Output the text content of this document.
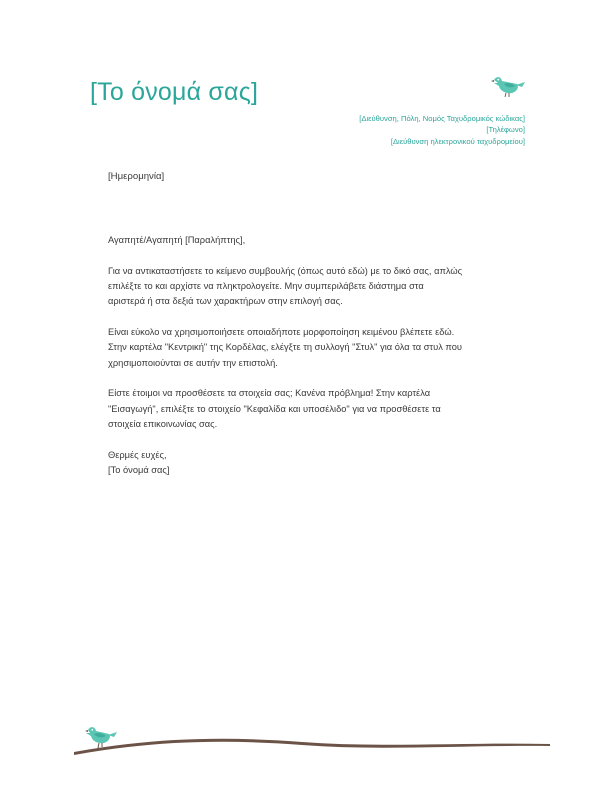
[Το όνομά σας]
[Διεύθυνση, Πόλη, Νομός Ταχυδρομικός κώδικας]
[Τηλέφωνο]
[Διεύθυνση ηλεκτρονικού ταχυδρομείου]
[Ημερομηνία]

Αγαπητέ/Αγαπητή [Παραλήπτης],

Για να αντικαταστήσετε το κείμενο συμβουλής (όπως αυτό εδώ) με το δικό σας, απλώς
επιλέξτε το και αρχίστε να πληκτρολογείτε. Μην συμπεριλάβετε διάστημα στα
αριστερά ή στα δεξιά των χαρακτήρων στην επιλογή σας.

Είναι εύκολο να χρησιμοποιήσετε οποιαδήποτε μορφοποίηση κειμένου βλέπετε εδώ.
Στην καρτέλα "Κεντρική" της Κορδέλας, ελέγξτε τη συλλογή "Στυλ" για όλα τα στυλ που
χρησιμοποιούνται σε αυτήν την επιστολή.

Είστε έτοιμοι να προσθέσετε τα στοιχεία σας; Κανένα πρόβλημα! Στην καρτέλα
"Εισαγωγή", επιλέξτε το στοιχείο "Κεφαλίδα και υποσέλιδο" για να προσθέσετε τα
στοιχεία επικοινωνίας σας.

Θερμές ευχές,

[Το όνομά σας]
